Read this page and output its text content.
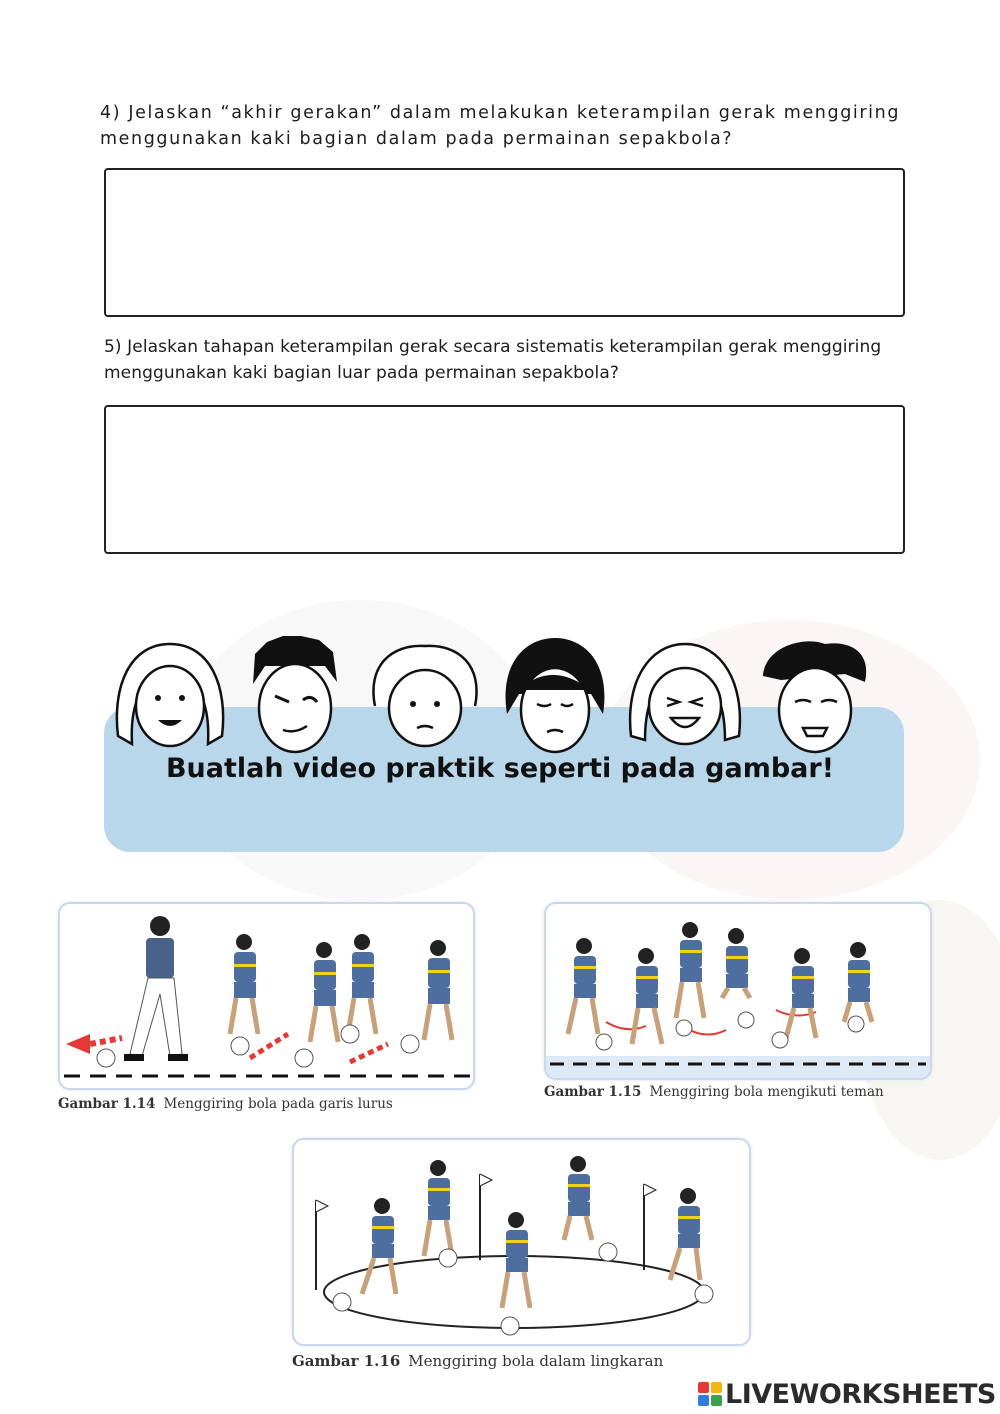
4) Jelaskan “akhir gerakan” dalam melakukan keterampilan gerak menggiring menggunakan kaki bagian dalam pada permainan sepakbola?
5) Jelaskan tahapan keterampilan gerak secara sistematis keterampilan gerak menggiring menggunakan kaki bagian luar pada permainan sepakbola?
Buatlah video praktik seperti pada gambar!
Gambar 1.14 Menggiring bola pada garis lurus
Gambar 1.15 Menggiring bola mengikuti teman
Gambar 1.16 Menggiring bola dalam lingkaran
LIVEWORKSHEETS
